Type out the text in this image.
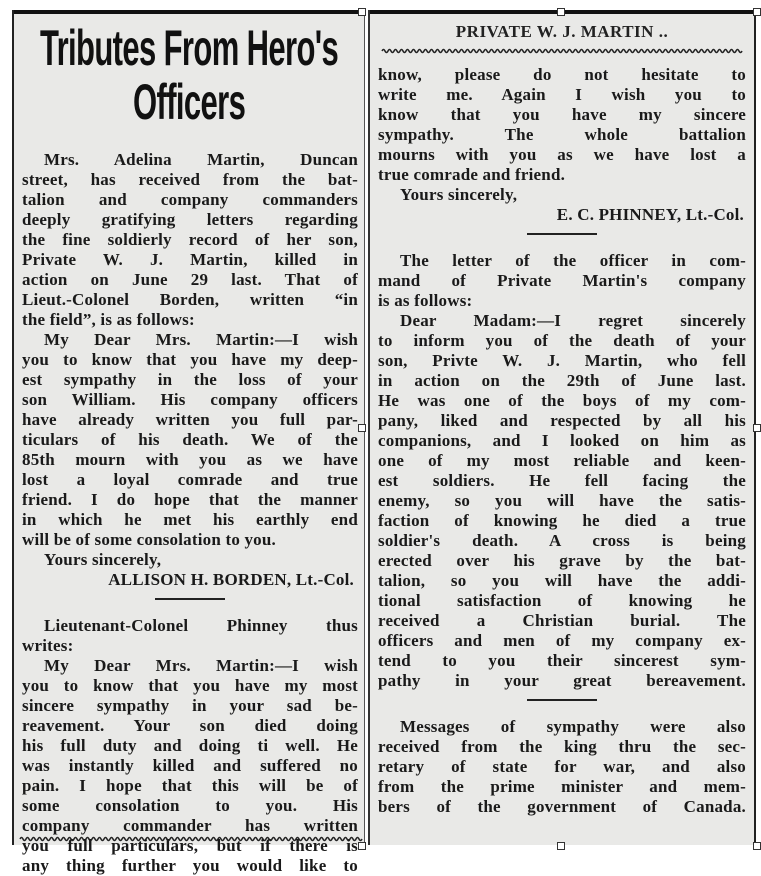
Tributes From Hero's
Officers
Mrs. Adelina Martin, Duncan
street, has received from the bat-
talion and company commanders
deeply gratifying letters regarding
the fine soldierly record of her son,
Private W. J. Martin, killed in
action on June 29 last. That of
Lieut.-Colonel Borden, written “in
the field”, is as follows:
My Dear Mrs. Martin:—I wish
you to know that you have my deep-
est sympathy in the loss of your
son William. His company officers
have already written you full par-
ticulars of his death. We of the
85th mourn with you as we have
lost a loyal comrade and true
friend. I do hope that the manner
in which he met his earthly end
will be of some consolation to you.
Yours sincerely,
ALLISON H. BORDEN, Lt.-Col.
Lieutenant-Colonel Phinney thus
writes:
My Dear Mrs. Martin:—I wish
you to know that you have my most
sincere sympathy in your sad be-
reavement. Your son died doing
his full duty and doing ti well. He
was instantly killed and suffered no
pain. I hope that this will be of
some consolation to you. His
company commander has written
you full particulars, but if there is
any thing further you would like to
PRIVATE W. J. MARTIN ..
know, please do not hesitate to
write me. Again I wish you to
know that you have my sincere
sympathy. The whole battalion
mourns with you as we have lost a
true comrade and friend.
Yours sincerely,
E. C. PHINNEY, Lt.-Col.
The letter of the officer in com-
mand of Private Martin's company
is as follows:
Dear Madam:—I regret sincerely
to inform you of the death of your
son, Privte W. J. Martin, who fell
in action on the 29th of June last.
He was one of the boys of my com-
pany, liked and respected by all his
companions, and I looked on him as
one of my most reliable and keen-
est soldiers. He fell facing the
enemy, so you will have the satis-
faction of knowing he died a true
soldier's death. A cross is being
erected over his grave by the bat-
talion, so you will have the addi-
tional satisfaction of knowing he
received a Christian burial. The
officers and men of my company ex-
tend to you their sincerest sym-
pathy in your great bereavement.
Messages of sympathy were also
received from the king thru the sec-
retary of state for war, and also
from the prime minister and mem-
bers of the government of Canada.
